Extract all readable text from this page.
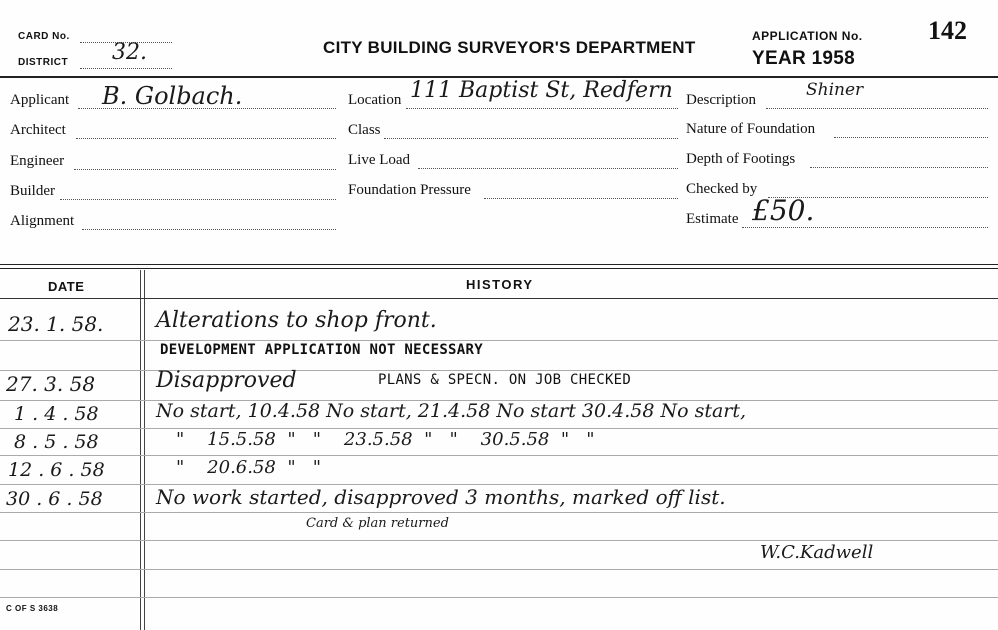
CARD No.
DISTRICT 32.	CITY BUILDING SURVEYOR'S DEPARTMENT
APPLICATION No.	142
YEAR 1958
Applicant B. Golbach.
Architect
Engineer
Builder
Alignment
Location 111 Baptist St, Redfern
Class
Live Load
Foundation Pressure
Description	Shiner
Nature of Foundation
Depth of Footings
Checked by
Estimate £50.
DATE	HISTORY
23. 1. 58. Alterations to shop front.
DEVELOPMENT APPLICATION NOT NECESSARY
27. 3. 58	Disapproved	PLANS & SPECN. ON JOB CHECKED
1 . 4 . 58	No start, 10.4.58 No start, 21.4.58 No start 30.4.58 No start,
8 . 5 . 58	"    15.5.58  "   "    23.5.58  "   "    30.5.58  "   "
12 . 6 . 58	"    20.6.58  "   "
30 . 6 . 58	No work started, disapproved 3 months, marked off list.
Card & plan returned
W.C.Kadwell
C OF S 3638
